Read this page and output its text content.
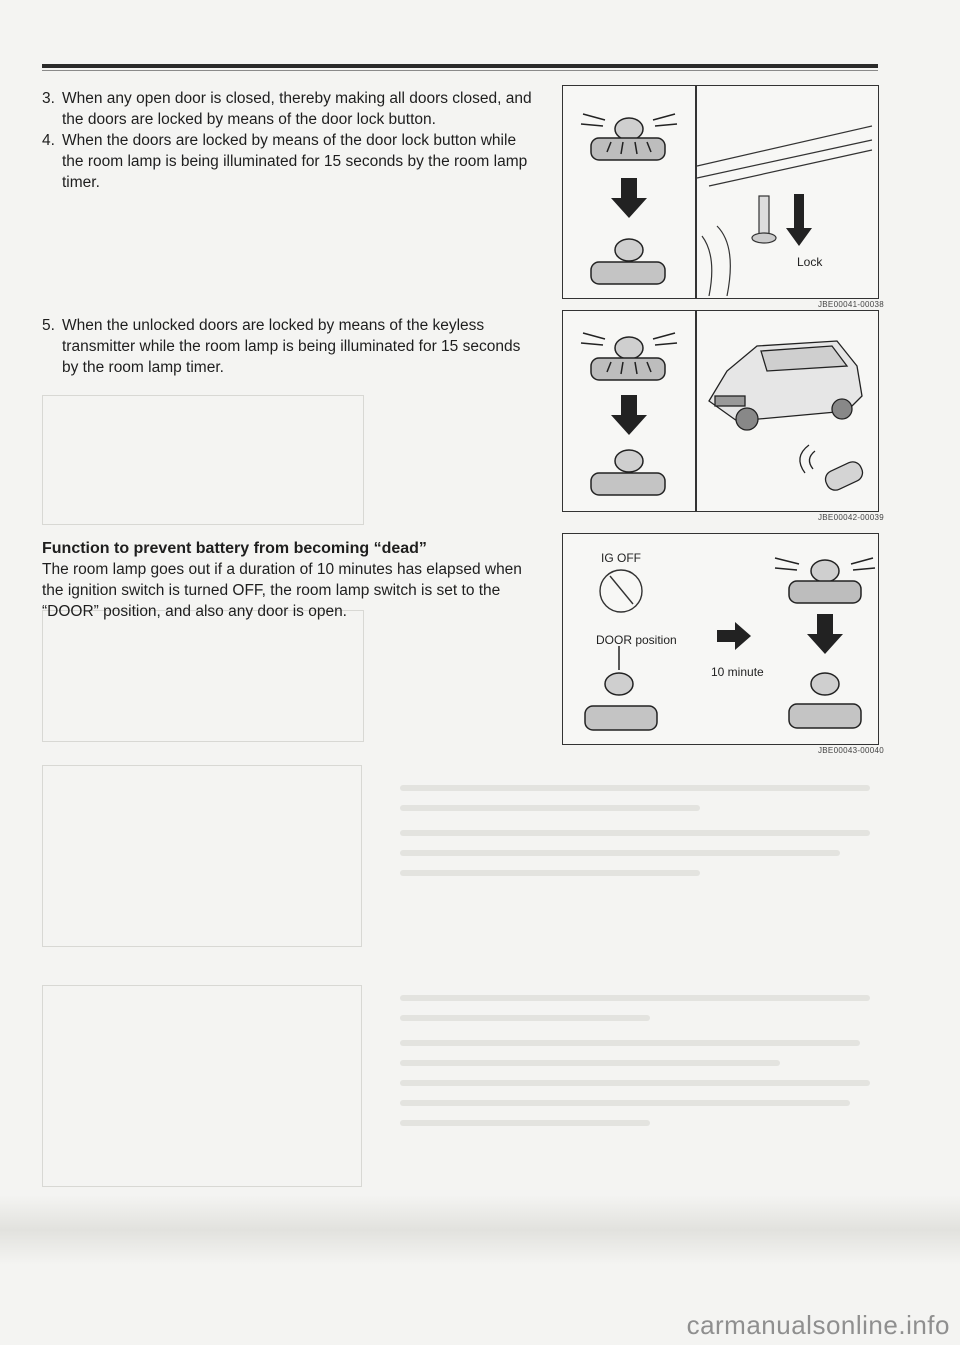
3. When any open door is closed, thereby making all doors closed, and the doors are locked by means of the door lock button.
4. When the doors are locked by means of the door lock button while the room lamp is being illuminated for 15 seconds by the room lamp timer.
5. When the unlocked doors are locked by means of the keyless transmitter while the room lamp is being illuminated for 15 seconds by the room lamp timer.
Function to prevent battery from becoming “dead”
The room lamp goes out if a duration of 10 minutes has elapsed when the ignition switch is turned OFF, the room lamp switch is set to the “DOOR” position, and also any door is open.
Lock
JBE00041-00038
JBE00042-00039
IG OFF
DOOR position
10 minute
JBE00043-00040
carmanualsonline.info
